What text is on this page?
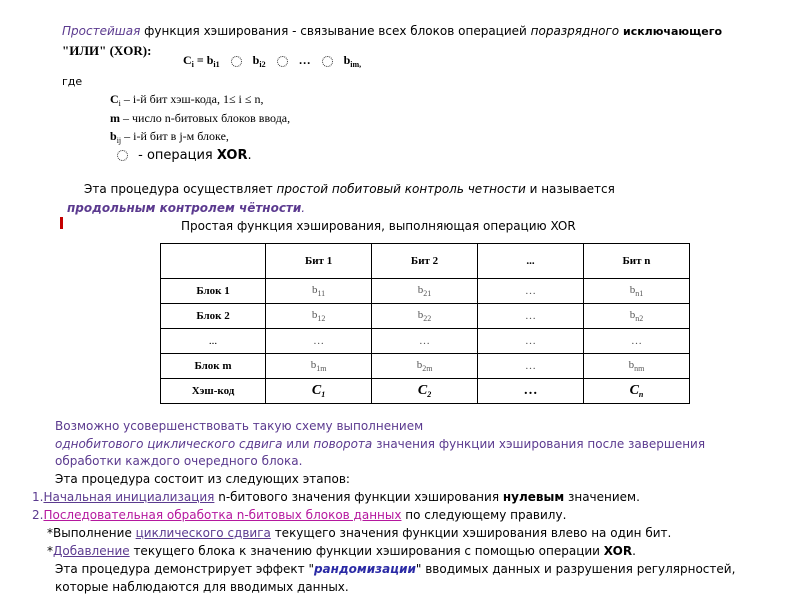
Простейшая функция хэширования - связывание всех блоков операцией поразрядного исключающего
"ИЛИ" (XOR):
$C_i = b_{i1}$	$b_{i2}$	…	$b_{im,}$
где
$C_i - i-й$ бит хэш-кода, 1≤ i ≤ n,
m – число n-битовых блоков ввода,
$b_{ij} - i-й$ бит в j-м блоке,
- операция XOR.
Эта процедура осуществляет простой побитовый контроль четности и называется
продольным контролем чётности.
Простая функция хэширования, выполняющая операцию XOR
	Бит 1	Бит 2	...	Бит n
Блок 1	$b_{11}$	$b_{21}$	…	$b_{n1}$
Блок 2	$b_{12}$	$b_{22}$	…	$b_{n2}$
...	…	…	…	…
Блок m	$b_{1m}$	$b_{2m}$	…	$b_{nm}$
Хэш-код	$C_1$	$C_2$	…	$C_n$
Возможно усовершенствовать такую схему выполнением
однобитового циклического сдвига или поворота значения функции хэширования после завершения
обработки каждого очередного блока.
Эта процедура состоит из следующих этапов:
1.Начальная инициализация n-битового значения функции хэширования нулевым значением.
2.Последовательная обработка n-битовых блоков данных по следующему правилу.
*Выполнение циклического сдвига текущего значения функции хэширования влево на один бит.
*Добавление текущего блока к значению функции хэширования с помощью операции XOR.
Эта процедура демонстрирует эффект "рандомизации" вводимых данных и разрушения регулярностей,
которые наблюдаются для вводимых данных.
